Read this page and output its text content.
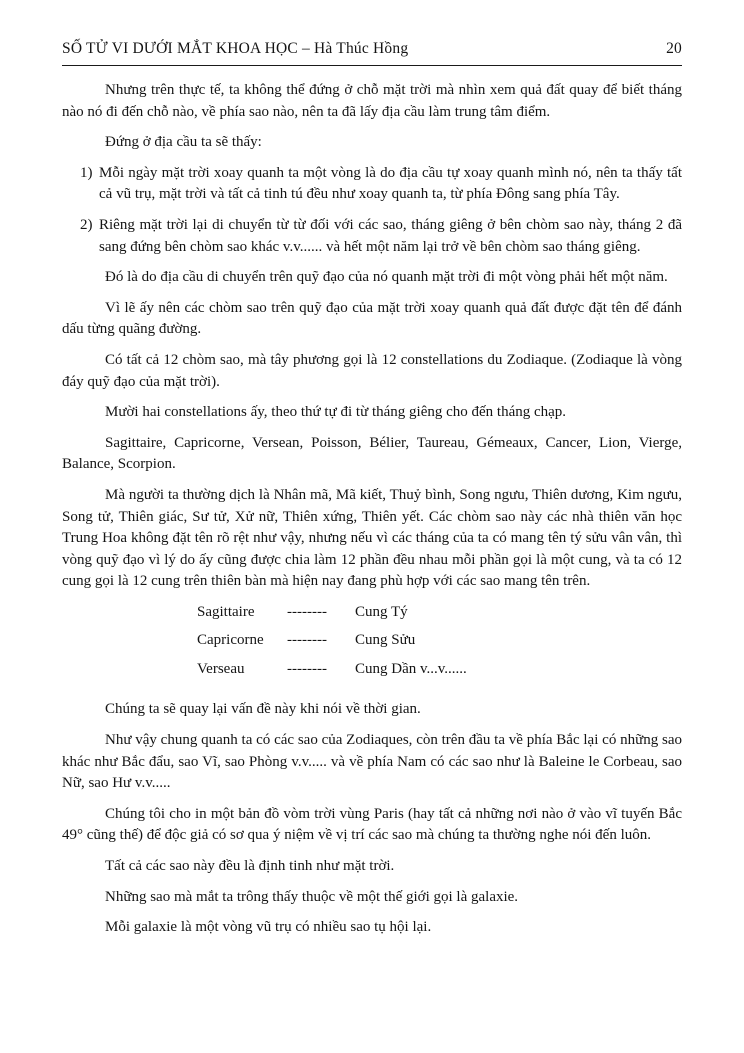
SỐ TỬ VI DƯỚI MẮT KHOA HỌC – Hà Thúc Hồng	20

Nhưng trên thực tế, ta không thể đứng ở chỗ mặt trời mà nhìn xem quả đất quay để biết tháng nào nó đi đến chỗ nào, về phía sao nào, nên ta đã lấy địa cầu làm trung tâm điểm.

Đứng ở địa cầu ta sẽ thấy:

1) Mỗi ngày mặt trời xoay quanh ta một vòng là do địa cầu tự xoay quanh mình nó, nên ta thấy tất cả vũ trụ, mặt trời và tất cả tinh tú đều như xoay quanh ta, từ phía Đông sang phía Tây.
2) Riêng mặt trời lại di chuyển từ từ đối với các sao, tháng giêng ở bên chòm sao này, tháng 2 đã sang đứng bên chòm sao khác v.v...... và hết một năm lại trở về bên chòm sao tháng giêng.

Đó là do địa cầu di chuyển trên quỹ đạo của nó quanh mặt trời đi một vòng phải hết một năm.

Vì lẽ ấy nên các chòm sao trên quỹ đạo của mặt trời xoay quanh quả đất được đặt tên để đánh dấu từng quãng đường.

Có tất cả 12 chòm sao, mà tây phương gọi là 12 constellations du Zodiaque. (Zodiaque là vòng đáy quỹ đạo của mặt trời).

Mười hai constellations ấy, theo thứ tự đi từ tháng giêng cho đến tháng chạp.

Sagittaire, Capricorne, Versean, Poisson, Bélier, Taureau, Gémeaux, Cancer, Lion, Vierge, Balance, Scorpion.

Mà người ta thường dịch là Nhân mã, Mã kiết, Thuỷ bình, Song ngưu, Thiên dương, Kim ngưu, Song tử, Thiên giác, Sư tử, Xử nữ, Thiên xứng, Thiên yết. Các chòm sao này các nhà thiên văn học Trung Hoa không đặt tên rõ rệt như vậy, nhưng nếu vì các tháng của ta có mang tên tý sửu vân vân, thì vòng quỹ đạo vì lý do ấy cũng được chia làm 12 phần đều nhau mỗi phần gọi là một cung, và ta có 12 cung gọi là 12 cung trên thiên bàn mà hiện nay đang phù hợp với các sao mang tên trên.

Sagittaire	--------	Cung Tý
Capricorne	--------	Cung Sửu
Verseau	--------	Cung Dần v...v......

Chúng ta sẽ quay lại vấn đề này khi nói về thời gian.

Như vậy chung quanh ta có các sao của Zodiaques, còn trên đầu ta về phía Bắc lại có những sao khác như Bắc đẩu, sao Vĩ, sao Phòng v.v..... và về phía Nam có các sao như là Baleine le Corbeau, sao Nữ, sao Hư v.v.....

Chúng tôi cho in một bản đồ vòm trời vùng Paris (hay tất cả những nơi nào ở vào vĩ tuyến Bắc 49° cũng thế) để độc giả có sơ qua ý niệm về vị trí các sao mà chúng ta thường nghe nói đến luôn.

Tất cả các sao này đều là định tinh như mặt trời.

Những sao mà mắt ta trông thấy thuộc về một thế giới gọi là galaxie.

Mỗi galaxie là một vòng vũ trụ có nhiều sao tụ hội lại.
